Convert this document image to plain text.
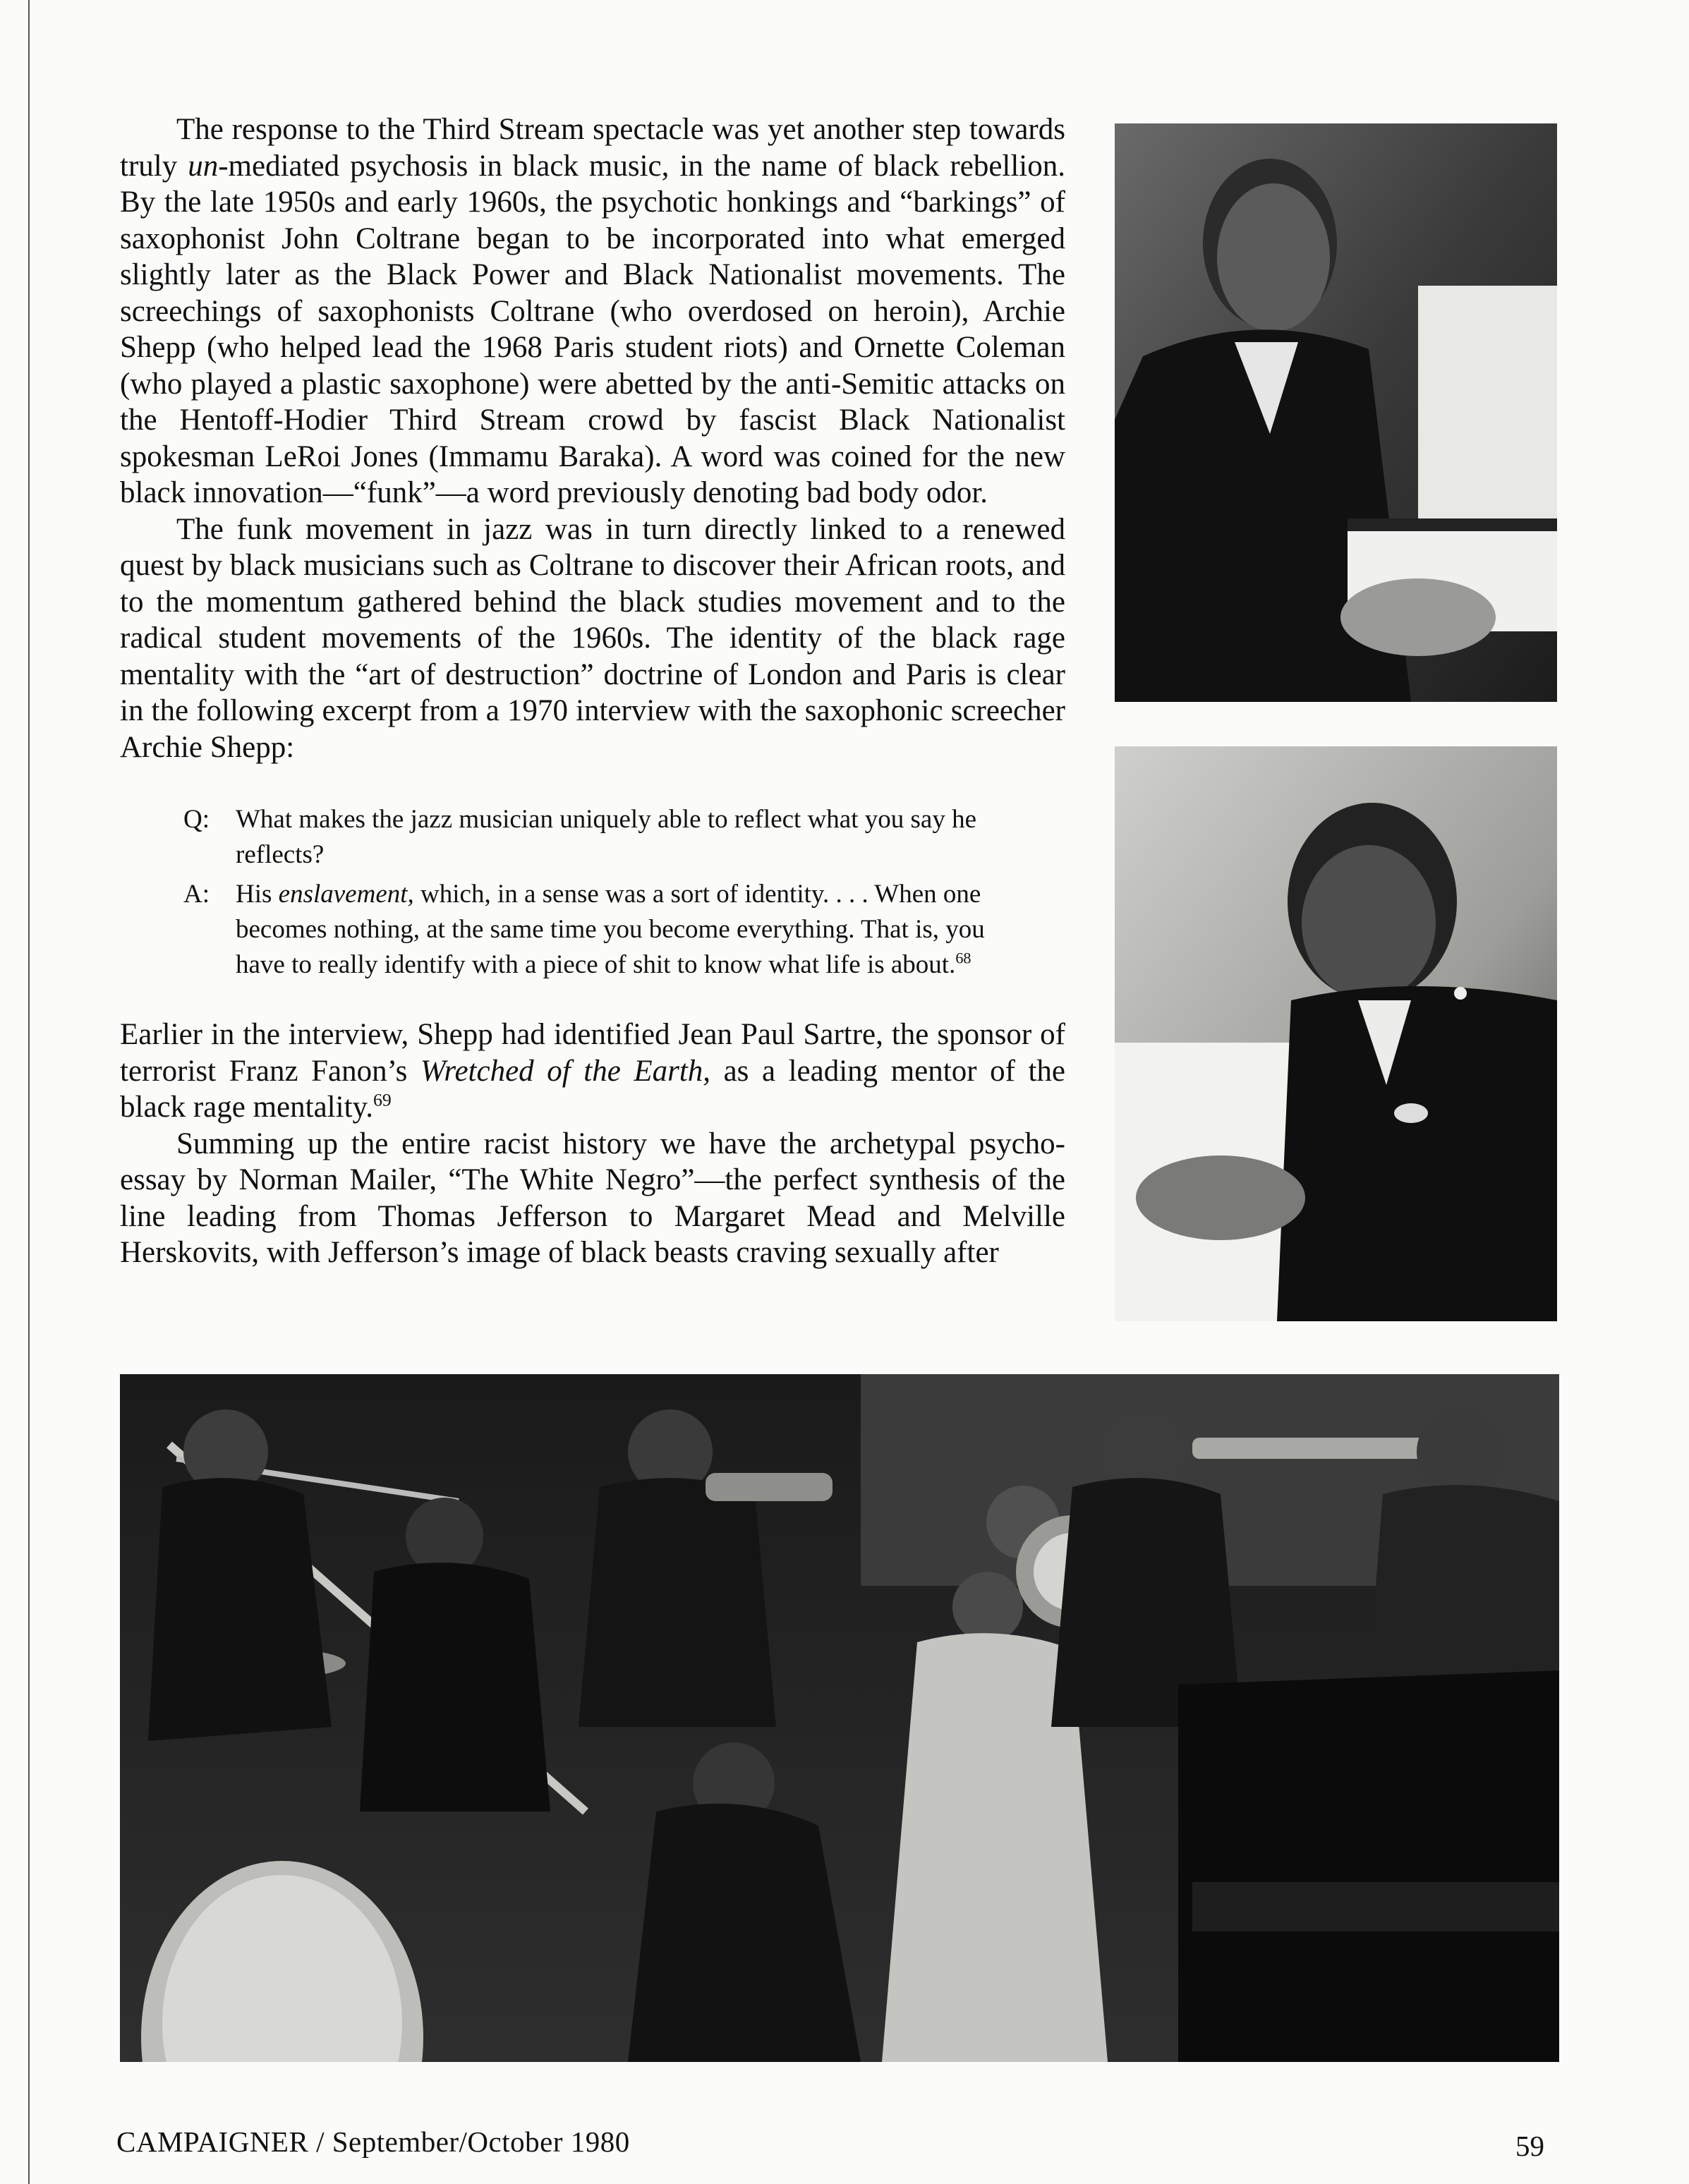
The response to the Third Stream spectacle was yet another step towards truly un-mediated psychosis in black music, in the name of black rebellion. By the late 1950s and early 1960s, the psychotic honkings and “barkings” of saxophonist John Coltrane began to be incorporated into what emerged slightly later as the Black Power and Black Nationalist movements. The screechings of saxophonists Coltrane (who overdosed on heroin), Archie Shepp (who helped lead the 1968 Paris student riots) and Ornette Coleman (who played a plastic saxophone) were abetted by the anti-Semitic attacks on the Hentoff-Hodier Third Stream crowd by fascist Black Nationalist spokesman LeRoi Jones (Immamu Baraka). A word was coined for the new black innovation—“funk”—a word previously denoting bad body odor.

The funk movement in jazz was in turn directly linked to a renewed quest by black musicians such as Coltrane to discover their African roots, and to the momentum gathered behind the black studies movement and to the radical student movements of the 1960s. The identity of the black rage mentality with the “art of destruction” doctrine of London and Paris is clear in the following excerpt from a 1970 interview with the saxophonic screecher Archie Shepp:

Q:	What makes the jazz musician uniquely able to reflect what you say he reflects?
A:	His enslavement, which, in a sense was a sort of identity. . . . When one becomes nothing, at the same time you become everything. That is, you have to really identify with a piece of shit to know what life is about.$^{68}$

Earlier in the interview, Shepp had identified Jean Paul Sartre, the sponsor of terrorist Franz Fanon’s Wretched of the Earth, as a leading mentor of the black rage mentality.$^{69}$

Summing up the entire racist history we have the archetypal psycho-essay by Norman Mailer, “The White Negro”—the perfect synthesis of the line leading from Thomas Jefferson to Margaret Mead and Melville Herskovits, with Jefferson’s image of black beasts craving sexually after

CAMPAIGNER / September/October 1980	59
